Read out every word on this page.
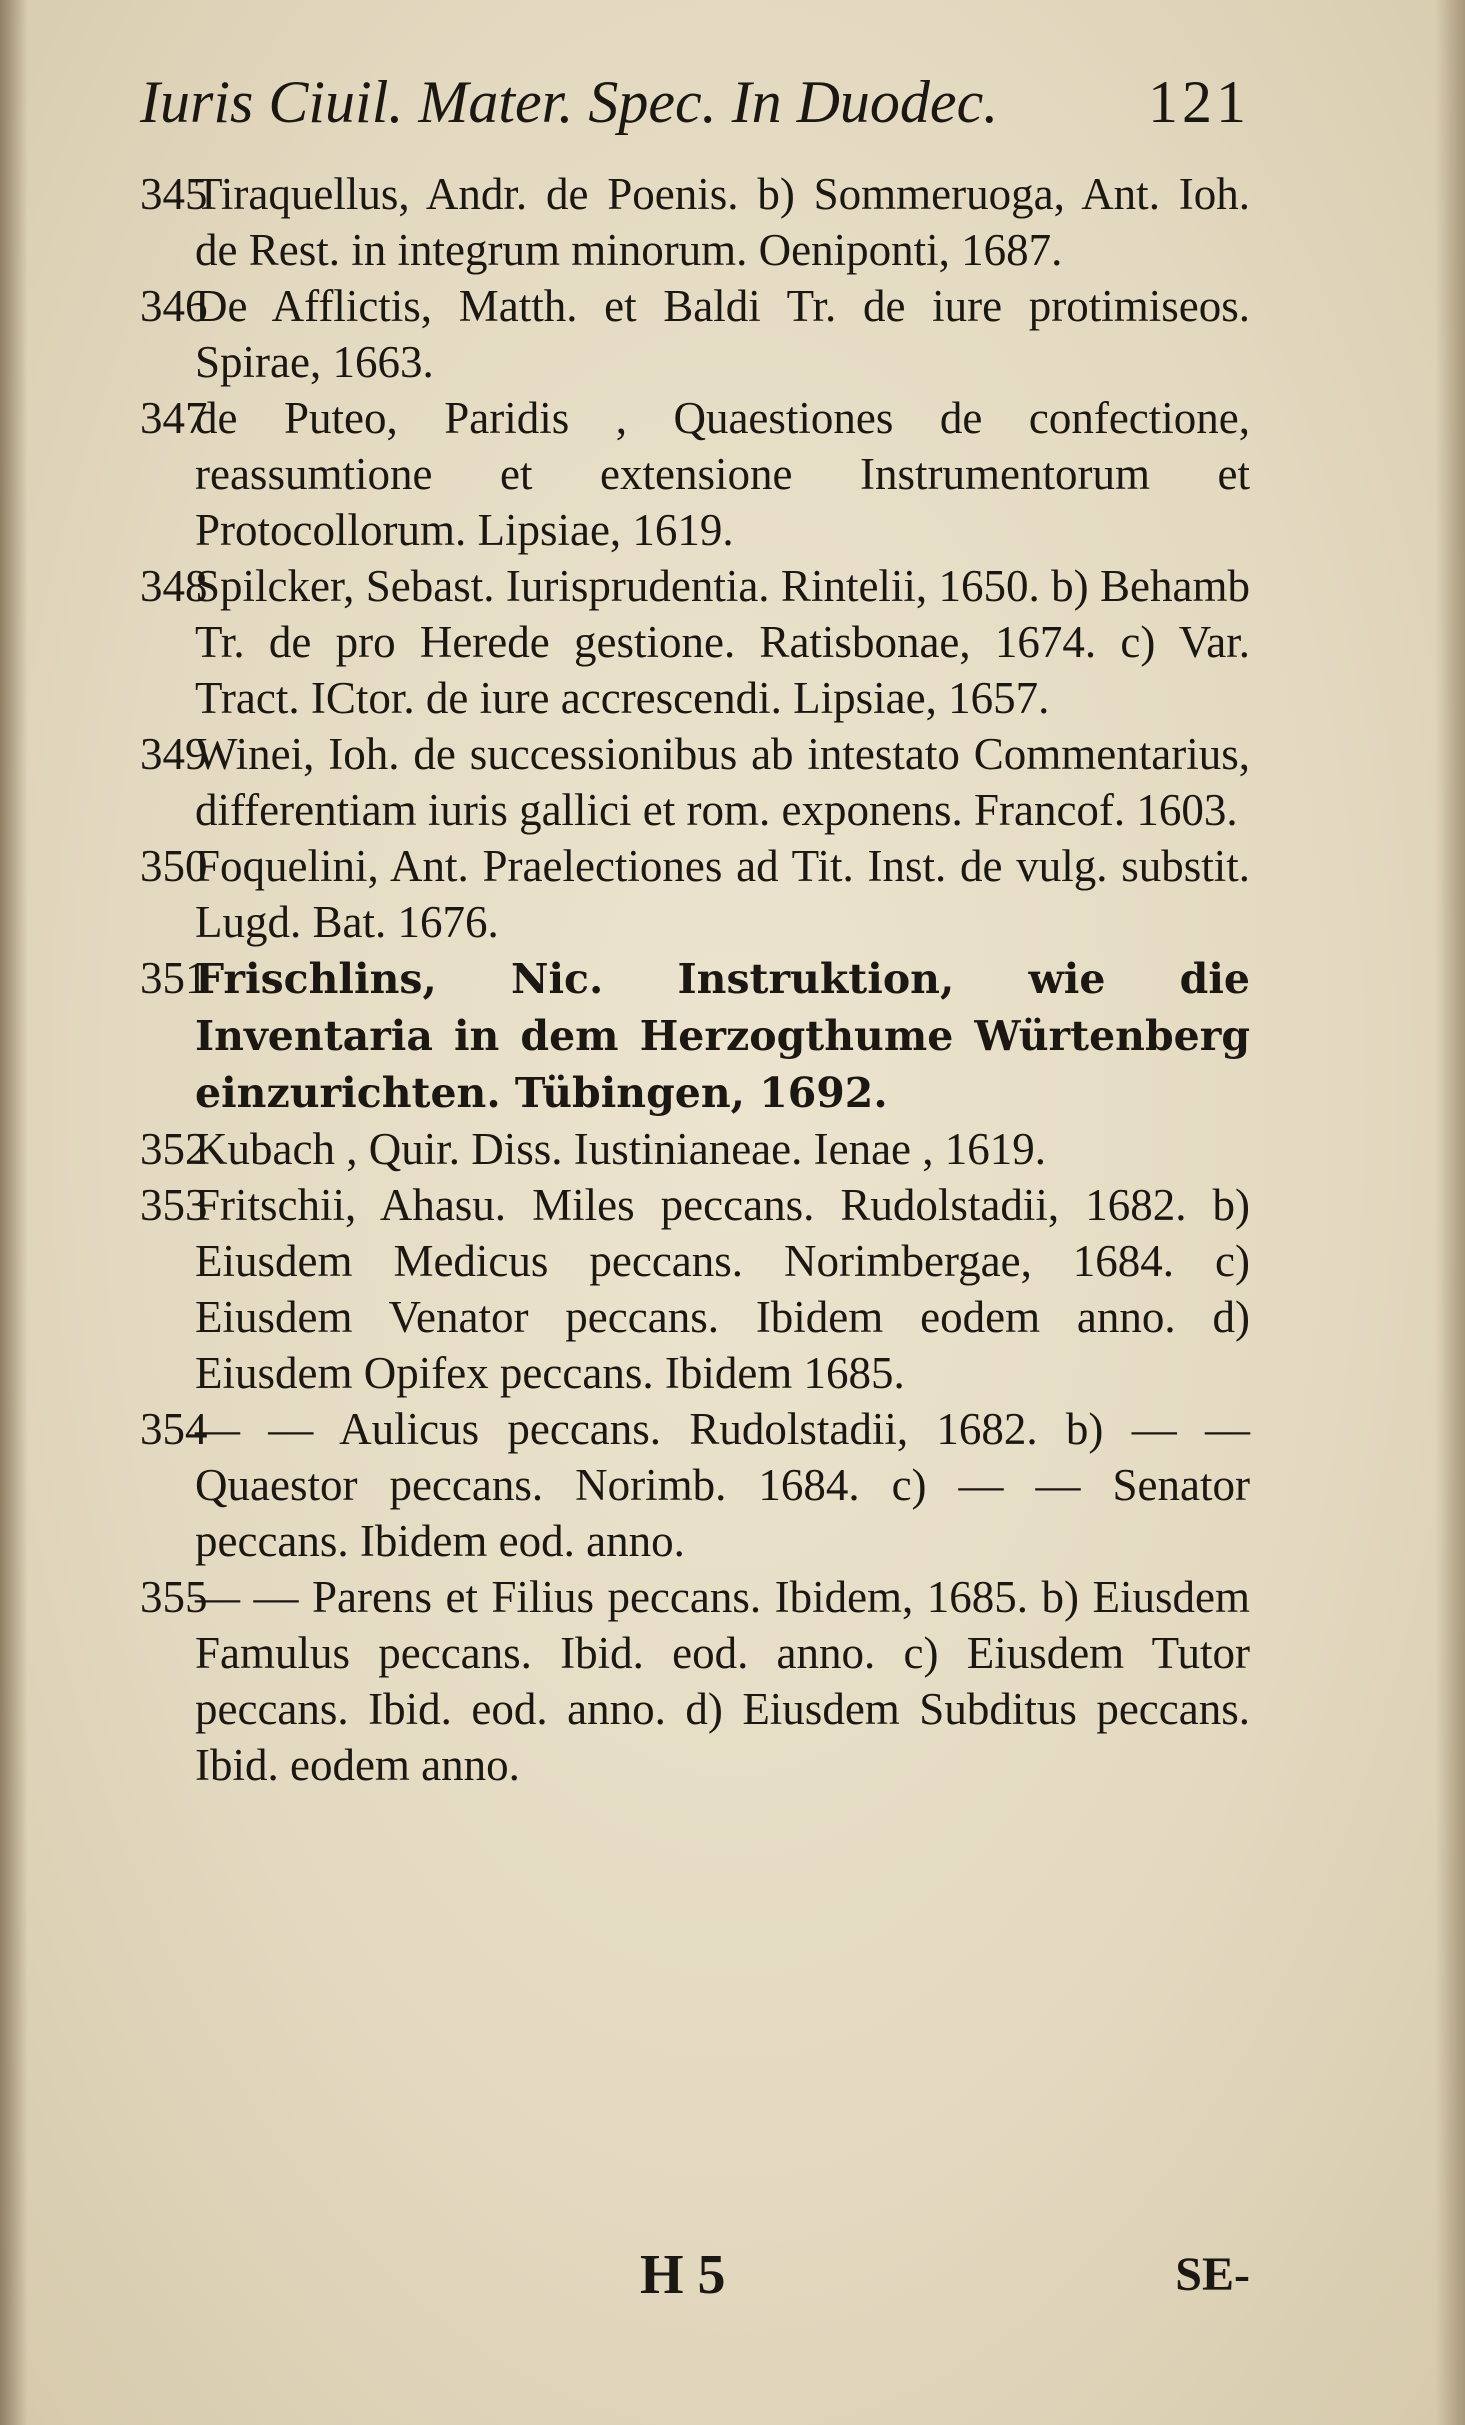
Iuris Ciuil. Mater. Spec. In Duodec. 121
345
Tiraquellus, Andr. de Poenis. b) Sommeruoga, Ant. Ioh. de Rest. in integrum minorum. Oeniponti, 1687.
346
De Afflictis, Matth. et Baldi Tr. de iure protimiseos. Spirae, 1663.
347
de Puteo, Paridis , Quaestiones de confectione, reassumtione et extensione Instrumentorum et Protocollorum. Lipsiae, 1619.
348
Spilcker, Sebast. Iurisprudentia. Rintelii, 1650. b) Behamb Tr. de pro Herede gestione. Ratisbonae, 1674. c) Var. Tract. ICtor. de iure accrescendi. Lipsiae, 1657.
349
Winei, Ioh. de successionibus ab intestato Commentarius, differentiam iuris gallici et rom. exponens. Francof. 1603.
350
Foquelini, Ant. Praelectiones ad Tit. Inst. de vulg. substit. Lugd. Bat. 1676.
351
Frischlins, Nic. Instruktion, wie die Inventaria in dem Herzogthume Würtenberg einzurichten. Tübingen, 1692.
352
Kubach , Quir. Diss. Iustinianeae. Ienae , 1619.
353
Fritschii, Ahasu. Miles peccans. Rudolstadii, 1682. b) Eiusdem Medicus peccans. Norimbergae, 1684. c) Eiusdem Venator peccans. Ibidem eodem anno. d) Eiusdem Opifex peccans. Ibidem 1685.
354
— — Aulicus peccans. Rudolstadii, 1682. b) — — Quaestor peccans. Norimb. 1684. c) — — Senator peccans. Ibidem eod. anno.
355
— — Parens et Filius peccans. Ibidem, 1685. b) Eiusdem Famulus peccans. Ibid. eod. anno. c) Eiusdem Tutor peccans. Ibid. eod. anno. d) Eiusdem Subditus peccans. Ibid. eodem anno.
H 5	SE-
